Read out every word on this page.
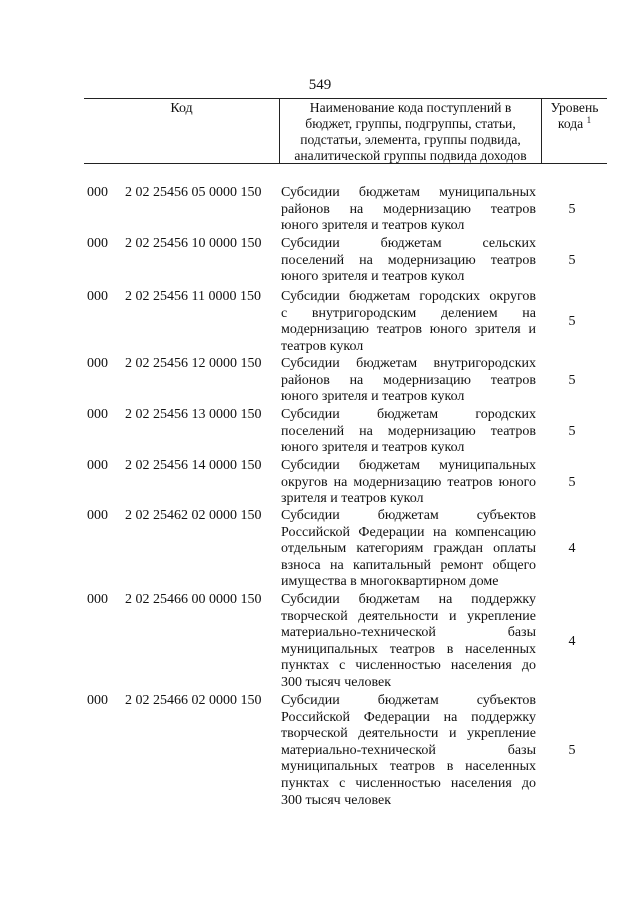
549
Код	Наименование кода поступлений в
бюджет, группы, подгруппы, статьи,
подстатьи, элемента, группы подвида,
аналитической группы подвида доходов
Уровень
кода $^1$
000	2 02 25456 05 0000 150	Субсидии бюджетам муниципальных
районов на модернизацию театров
юного зрителя и театров кукол
5
000	2 02 25456 10 0000 150	Субсидии бюджетам сельских
поселений на модернизацию театров
юного зрителя и театров кукол
5
000	2 02 25456 11 0000 150	Субсидии бюджетам городских округов
с внутригородским делением на
модернизацию театров юного зрителя и
театров кукол
5
000	2 02 25456 12 0000 150	Субсидии бюджетам внутригородских
районов на модернизацию театров
юного зрителя и театров кукол
5
000	2 02 25456 13 0000 150	Субсидии бюджетам городских
поселений на модернизацию театров
юного зрителя и театров кукол
5
000	2 02 25456 14 0000 150	Субсидии бюджетам муниципальных
округов на модернизацию театров юного
зрителя и театров кукол
5
000	2 02 25462 02 0000 150	Субсидии бюджетам субъектов
Российской Федерации на компенсацию
отдельным категориям граждан оплаты
взноса на капитальный ремонт общего
имущества в многоквартирном доме
4
000	2 02 25466 00 0000 150	Субсидии бюджетам на поддержку
творческой деятельности и укрепление
материально-технической базы
муниципальных театров в населенных
пунктах с численностью населения до
300 тысяч человек
4
000	2 02 25466 02 0000 150	Субсидии бюджетам субъектов
Российской Федерации на поддержку
творческой деятельности и укрепление
материально-технической базы
муниципальных театров в населенных
пунктах с численностью населения до
300 тысяч человек
5
